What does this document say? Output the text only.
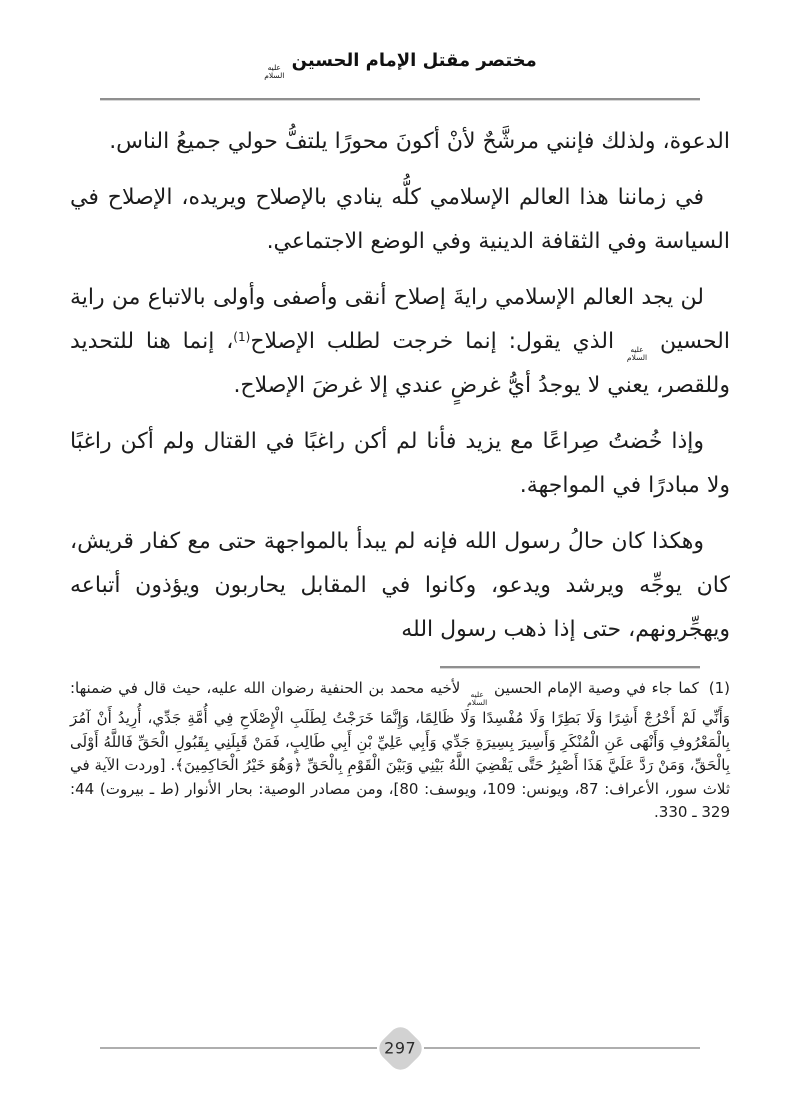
مختصر مقتل الإمام الحسين
عليه
السلام

الدعوة، ولذلك فإنني مرشَّحٌ لأنْ أكونَ محورًا يلتفُّ حولي جميعُ الناس.

في زماننا هذا العالم الإسلامي كلُّه ينادي بالإصلاح ويريده، الإصلاح في السياسة وفي الثقافة الدينية وفي الوضع الاجتماعي.

لن يجد العالم الإسلامي رايةَ إصلاح أنقى وأصفى وأولى بالاتباع من راية الحسين
عليه
السلام
الذي يقول: إنما خرجت لطلب الإصلاح$^{(1)}$، إنما هنا للتحديد وللقصر، يعني لا يوجدُ أيُّ غرضٍ عندي إلا غرضَ الإصلاح.

وإذا خُضتُ صِراعًا مع يزيد فأنا لم أكن راغبًا في القتال ولم أكن راغبًا ولا مبادرًا في المواجهة.

وهكذا كان حالُ رسول الله فإنه لم يبدأ بالمواجهة حتى مع كفار قريش، كان يوجِّه ويرشد ويدعو، وكانوا في المقابل يحاربون ويؤذون أتباعه ويهجِّرونهم، حتى إذا ذهب رسول الله

(1)كما جاء في وصية الإمام الحسين
عليه
السلام
لأخيه محمد بن الحنفية رضوان الله عليه، حيث قال في ضمنها: وَأَنِّي لَمْ أَخْرُجْ أَشِرًا وَلَا بَطِرًا وَلَا مُفْسِدًا وَلَا ظَالِمًا، وَإِنَّمَا خَرَجْتُ لِطَلَبِ الْإِصْلَاحِ فِي أُمَّةِ جَدِّي، أُرِيدُ أَنْ آمُرَ بِالْمَعْرُوفِ وَأَنْهَى عَنِ الْمُنْكَرِ وَأَسِيرَ بِسِيرَةِ جَدِّي وَأَبِي عَلِيِّ بْنِ أَبِي طَالِبٍ، فَمَنْ قَبِلَنِي بِقَبُولِ الْحَقِّ فَاللَّهُ أَوْلَى بِالْحَقِّ، وَمَنْ رَدَّ عَلَيَّ هَذَا أَصْبِرُ حَتَّى يَقْضِيَ اللَّهُ بَيْنِي وَبَيْنَ الْقَوْمِ بِالْحَقِّ ﴿وَهُوَ خَيْرُ الْحَاكِمِينَ﴾. [وردت الآية في ثلاث سور، الأعراف: 87، ويونس: 109، ويوسف: 80]، ومن مصادر الوصية: بحار الأنوار (ط ـ بيروت) 44: 329 ـ 330.
297
